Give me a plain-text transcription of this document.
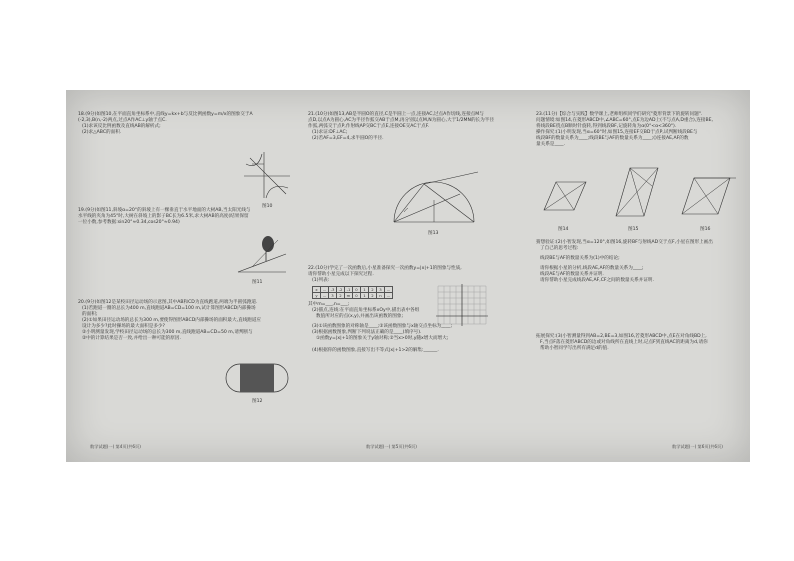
18.(9分)如图10,在平面直角坐标系中,直线y=kx+b与反比例函数y=m/x的图象交于A
(-2,3),B(n,-2)两点,过点A作AC⊥y轴于点C.
(1)求该反比例函数及直线AB的解析式;
(2)求△ABC的面积.
图10
19.(9分)如图11,斜坡α=20°的斜坡上有一棵垂直于水平地面的大树AB,当太阳光线与
水平线的夹角为45°时,大树在斜坡上的影子BC长为6.5米,求大树AB的高度(结果保留
一位小数,参考数据:sin20°≈0.34,cos20°≈0.94)
图11
20.(9分)如图12是某校田径运动场的示意图,其中AB和CD为直线跑道,两端为半圆弧跑道.
(1)若跑道一圈的总长为400 m,直线跑道AB=CD=100 m,试计算图形ABCD内部操场
的面积;
(2)①如果田径运动场的总长为300 m,要使得图形ABCD内部操场的面积最大,直线跑道应
设计为多少?此时操场的最大面积是多少?
②小明测量发现,学校田径运动场的总长为300 m,直线跑道AB=CD=50 m,请判断与
②中的计算结果是否一致,并给出一种可能的原因.
图12
数学试题(一) 第4页(共6页)
21.(10分)如图13,AB是半圆O的直径,C是半圆上一点,连接AC,过点A作切线,连接点M与
点D,以点A为圆心,AC为半径作弧交AB于点M,再分别以点M,N为圆心,大于1/2MN的长为半径
作弧,两弧交于点P,作射线AP交BC于点E,连接OE交AC于点F.
(1)求证:DF⊥AC;
(2)若AF=3,EF=4,求半圆O的半径.
图13
22.(10分)学完了一次函数后,小星准备探究一次函数y=|x|+1的图象与性质,
请你帮助小星完成以下探究过程.
(1)列表:
x	…	-3	-2	-1	0	1	2	3	…
y	…	3	2	m	0	1	2	n	…
其中m=___,n=___;
(2)描点,连线:在平面直角坐标系xOy中,描出表中各组
数值所对应的点(x,y),并画出该函数的图象;
(3)①该函数图象的对称轴是____;②该函数图象与x轴交点坐标为____;
(3)根据函数图象,判断下列说法正确的是____(填序号).
①函数y=|x|+1的图象关于y轴对称;②当x>0时,y随x增大而增大;
(4)根据你的函数图象,直接写出不等式|x|+1>2的解集:______.
数学试题(一) 第5页(共6页)
23.(11分)【综合与实践】数学课上,老师组织同学们研究"菱形背景下的旋转问题".
问题情境:如图14,在菱形ABCD中,∠ABC=60°,点E为边AD上(不与点A,D重合),连接BE,
将线段BE绕点B顺时针旋转,得到线段BF,记旋转角为α(0°<α<360°).
操作探究:(1)小明发现,当α=60°时,如图15,连接EF交BD于点P,试判断线段BE与
线段BF的数量关系为____;线段BE与AF的数量关系为____;()连接AE,AF的数
量关系是____.
图14	图15	图16
猜想验证:(2)小智发现,当α=120°,如图16,旋转BF与射线AD交于点F,小星在图形上画出
了自己的思考过程:
线段BE与AF的数量关系为(1)中的结论;
请你根据小星的分析,线段AE,AF的数量关系为____;
线段AE与AF的数量关系并证明.
请你帮助小星完成线段AE,AF,CF之间的数量关系并证明.
拓展探究:(3)小智测量得到AB=2,BE=3,如图16,若菱形ABCD中,点E在对角线BD上,
F,当点F落在菱形ABCD的边或对角线所在直线上时,记点F到直线AC的距离为d,请你
帮助小智同学写出所有满足d的值.
数学试题(一) 第6页(共6页)
